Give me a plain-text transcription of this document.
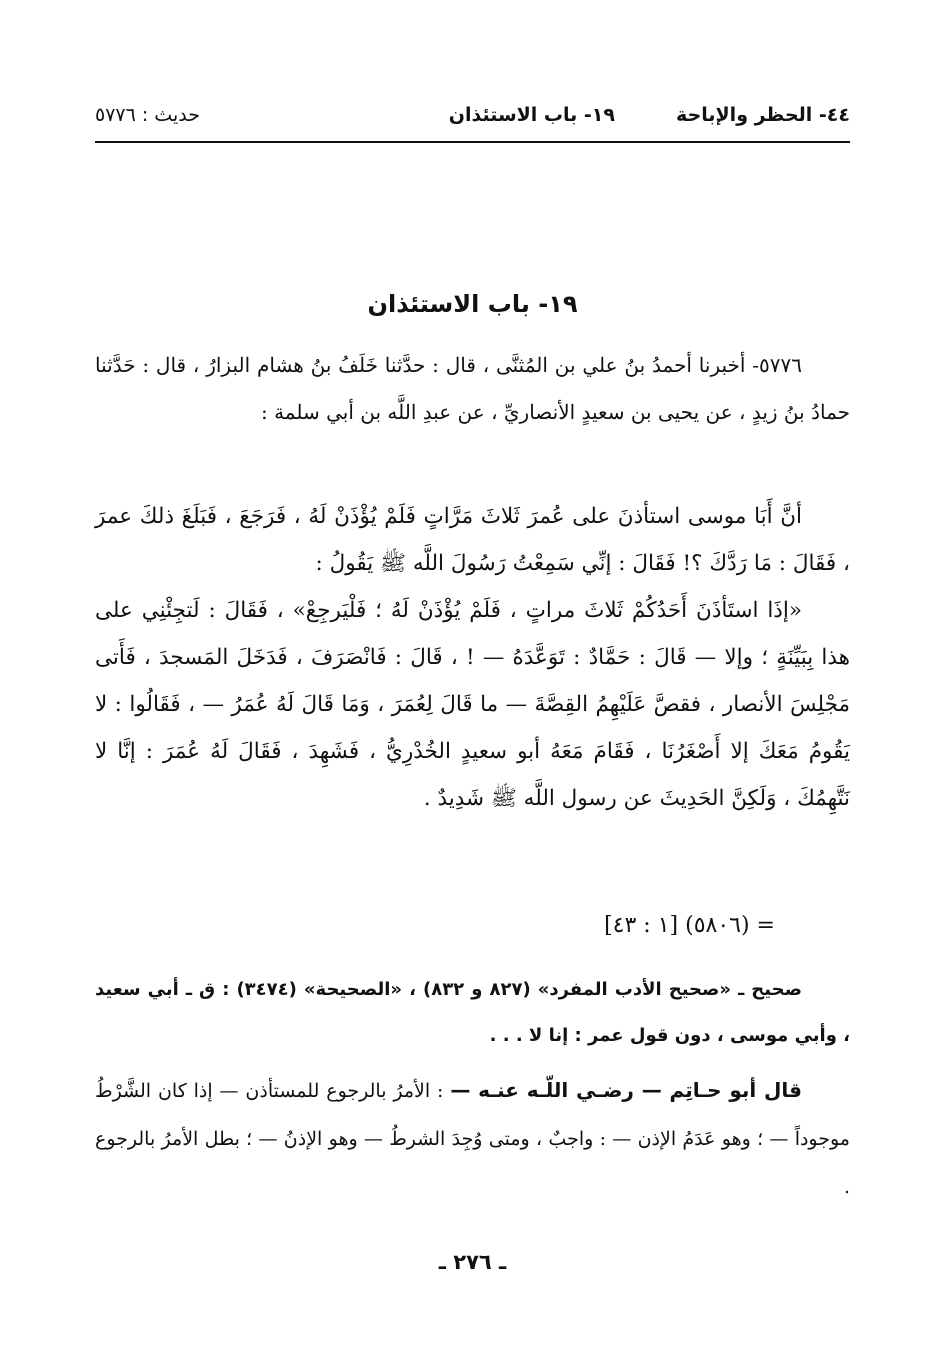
٤٤- الحظر والإباحة
١٩- باب الاستئذان
حديث : ٥٧٧٦
١٩- باب الاستئذان
٥٧٧٦- أخبرنا أحمدُ بنُ علي بن المُثنَّى ، قال : حدَّثنا خَلَفُ بنُ هشام البزارُ ، قال : حَدَّثنا حمادُ بنُ زيدٍ ، عن يحيى بن سعيدٍ الأنصاريِّ ، عن عبدِ اللَّه بن أبي سلمة :

أنَّ أَبَا موسى استأذنَ على عُمرَ ثَلاثَ مَرَّاتٍ فَلَمْ يُؤْذَنْ لَهُ ، فَرَجَعَ ، فَبَلَغَ ذلكَ عمرَ ، فَقَالَ : مَا رَدَّكَ ؟! فَقَالَ : إنِّي سَمِعْتُ رَسُولَ اللَّه ﷺ يَقُولُ :

«إذَا استَأذَنَ أَحَدُكُمْ ثَلاثَ مراتٍ ، فَلَمْ يُؤْذَنْ لَهُ ؛ فَلْيَرجِعْ» ، فَقَالَ : لَتجِئْنِي على هذا بِبَيِّنَةٍ ؛ وإلا — قَالَ : حَمَّادٌ : تَوَعَّدَهُ — ! ، قَالَ : فَانْصَرَفَ ، فَدَخَلَ المَسجدَ ، فَأَتى مَجْلِسَ الأنصار ، فقصَّ عَلَيْهِمُ القِصَّةَ — ما قَالَ لِعُمَرَ ، وَمَا قَالَ لَهُ عُمَرُ — ، فَقَالُوا : لا يَقُومُ مَعَكَ إلا أَصْغَرُنَا ، فَقَامَ مَعَهُ أبو سعيدٍ الخُدْرِيُّ ، فَشَهِدَ ، فَقَالَ لَهُ عُمَرَ : إنَّا لا نَتَّهِمُكَ ، وَلَكِنَّ الحَدِيثَ عن رسول اللَّه ﷺ شَدِيدٌ .

= (٥٨٠٦) [١ : ٤٣]
صحيح ـ «صحيح الأدب المفرد» (٨٢٧ و ٨٣٢) ، «الصحيحة» (٣٤٧٤) : ق ـ أبي سعيد ، وأبي موسى ، دون قول عمر : إنا لا . . .
قال أبو حـاتِم — رضـي اللّـه عنـه — : الأمرُ بالرجوع للمستأذن — إذا كان الشَّرْطُ موجوداً — ؛ وهو عَدَمُ الإذن — : واجبٌ ، ومتى وُجِدَ الشرطُ — وهو الإذنُ — ؛ بطل الأمرُ بالرجوع .
ـ ٢٧٦ ـ
